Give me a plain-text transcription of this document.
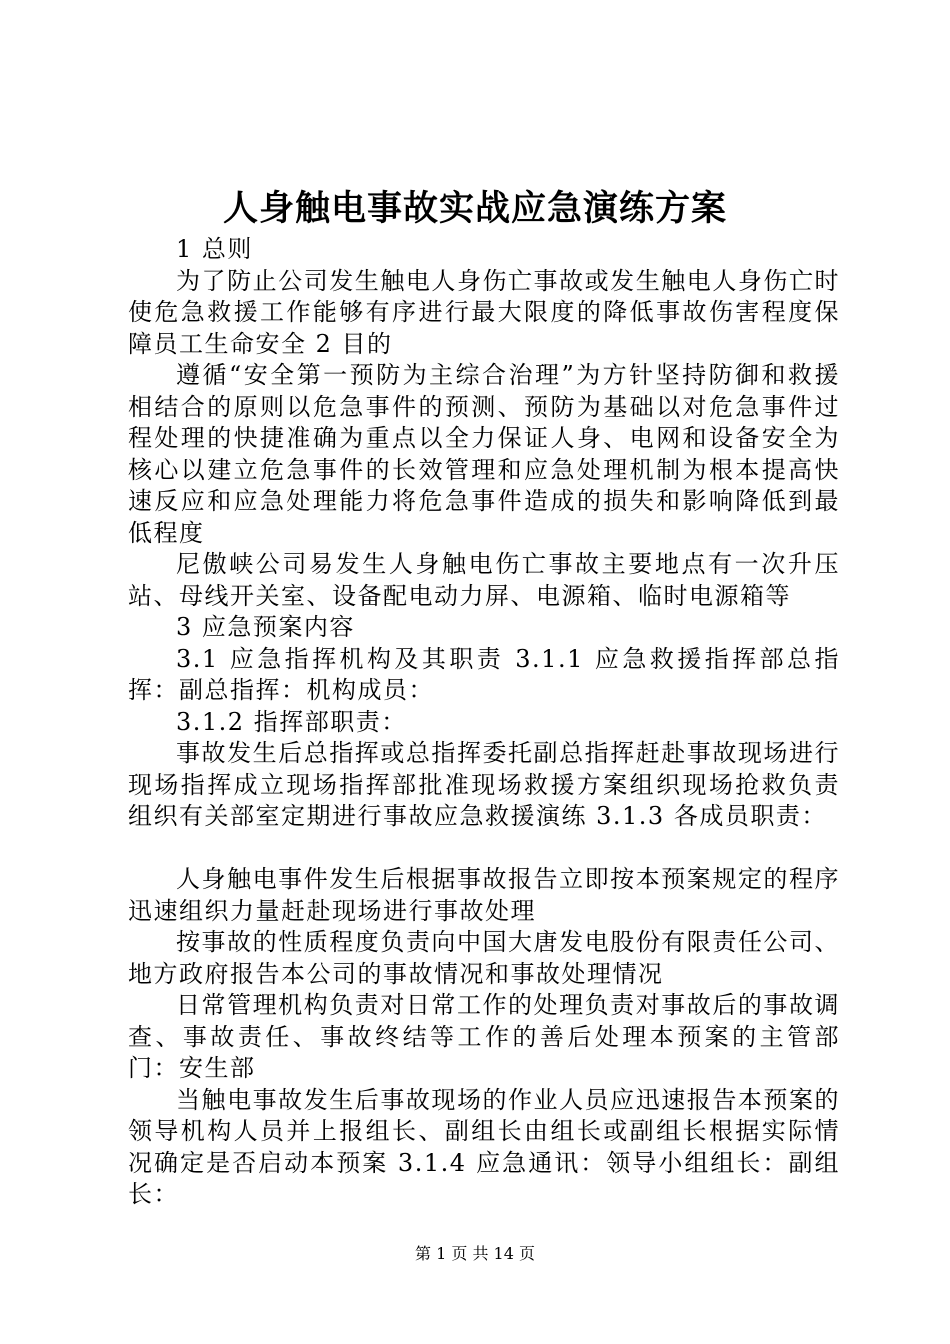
人身触电事故实战应急演练方案

1 总则

为了防止公司发生触电人身伤亡事故或发生触电人身伤亡时使危急救援工作能够有序进行最大限度的降低事故伤害程度保障员工生命安全 2 目的

遵循“安全第一预防为主综合治理”为方针坚持防御和救援相结合的原则以危急事件的预测、预防为基础以对危急事件过程处理的快捷准确为重点以全力保证人身、电网和设备安全为核心以建立危急事件的长效管理和应急处理机制为根本提高快速反应和应急处理能力将危急事件造成的损失和影响降低到最低程度

尼傲峡公司易发生人身触电伤亡事故主要地点有一次升压站、母线开关室、设备配电动力屏、电源箱、临时电源箱等

3 应急预案内容

3.1 应急指挥机构及其职责 3.1.1 应急救援指挥部总指挥：副总指挥：机构成员：

3.1.2 指挥部职责：

事故发生后总指挥或总指挥委托副总指挥赶赴事故现场进行现场指挥成立现场指挥部批准现场救援方案组织现场抢救负责组织有关部室定期进行事故应急救援演练 3.1.3 各成员职责：

人身触电事件发生后根据事故报告立即按本预案规定的程序迅速组织力量赶赴现场进行事故处理

按事故的性质程度负责向中国大唐发电股份有限责任公司、地方政府报告本公司的事故情况和事故处理情况

日常管理机构负责对日常工作的处理负责对事故后的事故调查、事故责任、事故终结等工作的善后处理本预案的主管部门：安生部

当触电事故发生后事故现场的作业人员应迅速报告本预案的领导机构人员并上报组长、副组长由组长或副组长根据实际情况确定是否启动本预案 3.1.4 应急通讯：领导小组组长：副组长：

第 1 页 共 14 页
